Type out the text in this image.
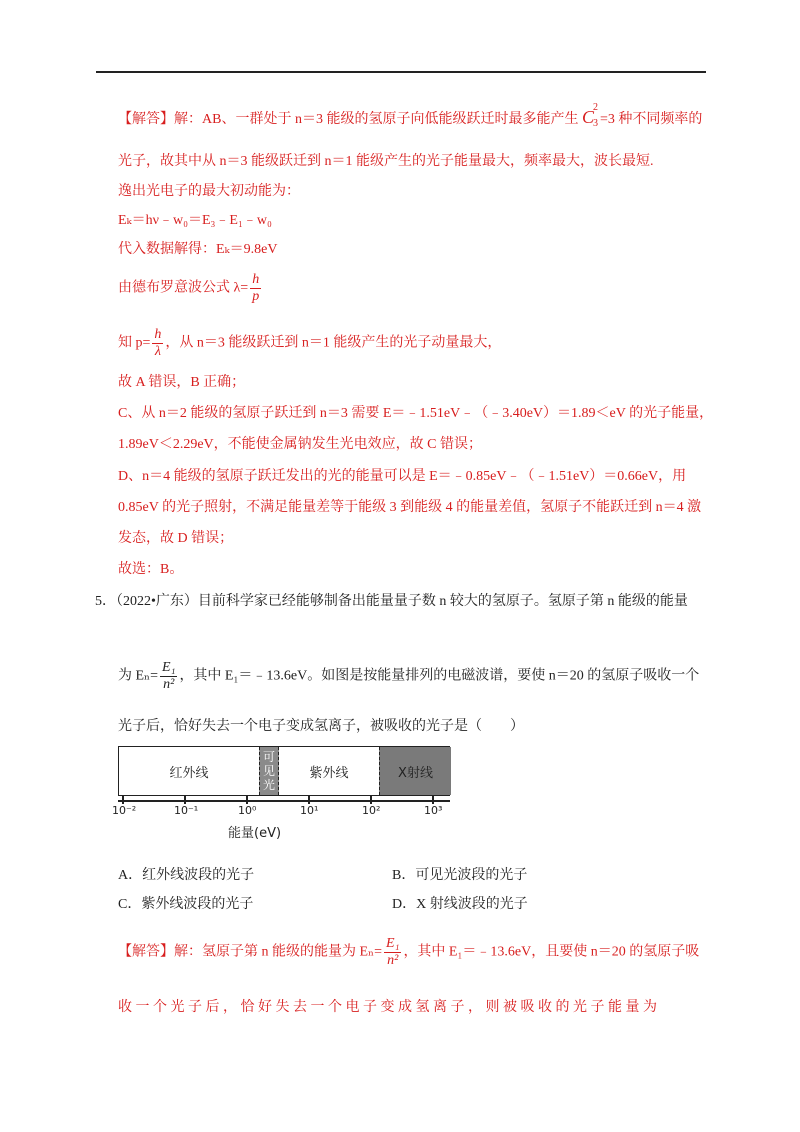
【解答】解：AB、一群处于 n＝3 能级的氢原子向低能级跃迁时最多能产生 C
2
3 =3 种不同频率的
光子，故其中从 n＝3 能级跃迁到 n＝1 能级产生的光子能量最大，频率最大，波长最短.
逸出光电子的最大初动能为：
Eₖ＝hν﹣w₀＝E₃﹣E₁﹣w₀
代入数据解得：Eₖ＝9.8eV
由德布罗意波公式 $\lambda= \frac{h}{p}$
知 $p= \frac{h}{\lambda}$ ，从 n＝3 能级跃迁到 n＝1 能级产生的光子动量最大，
故 A 错误，B 正确；
C、从 n＝2 能级的氢原子跃迁到 n＝3 需要 E＝﹣1.51eV﹣（﹣3.40eV）＝1.89＜eV 的光子能量，
1.89eV＜2.29eV，不能使金属钠发生光电效应，故 C 错误；
D、n＝4 能级的氢原子跃迁发出的光的能量可以是 E＝﹣0.85eV﹣（﹣1.51eV）＝0.66eV，用
0.85eV 的光子照射，不满足能量差等于能级 3 到能级 4 的能量差值，氢原子不能跃迁到 n＝4 激
发态，故 D 错误；
故选：B。
5．（2022•广东）目前科学家已经能够制备出能量量子数 n 较大的氢原子。氢原子第 n 能级的能量
为 $E_n= \frac{\text{E₁}}{\text{n²}}$ ，其中 E₁＝﹣13.6eV。如图是按能量排列的电磁波谱，要使 n＝20 的氢原子吸收一个
光子后，恰好失去一个电子变成氢离子，被吸收的光子是（　　）
红外线
可
见
光
紫外线	X射线
10⁻²	10⁻¹	10⁰	10¹	10²	10³
能量(eV)
A．红外线波段的光子	B．可见光波段的光子
C．紫外线波段的光子	D．X 射线波段的光子
【解答】解：氢原子第 n 能级的能量为 $E_n= \frac{\text{E₁}}{\text{n²}}$ ，其中 E₁＝﹣13.6eV，且要使 n＝20 的氢原子吸
收 一 个 光 子 后 ， 恰 好 失 去 一 个 电 子 变 成 氢 离 子 ， 则 被 吸 收 的 光 子 能 量 为
